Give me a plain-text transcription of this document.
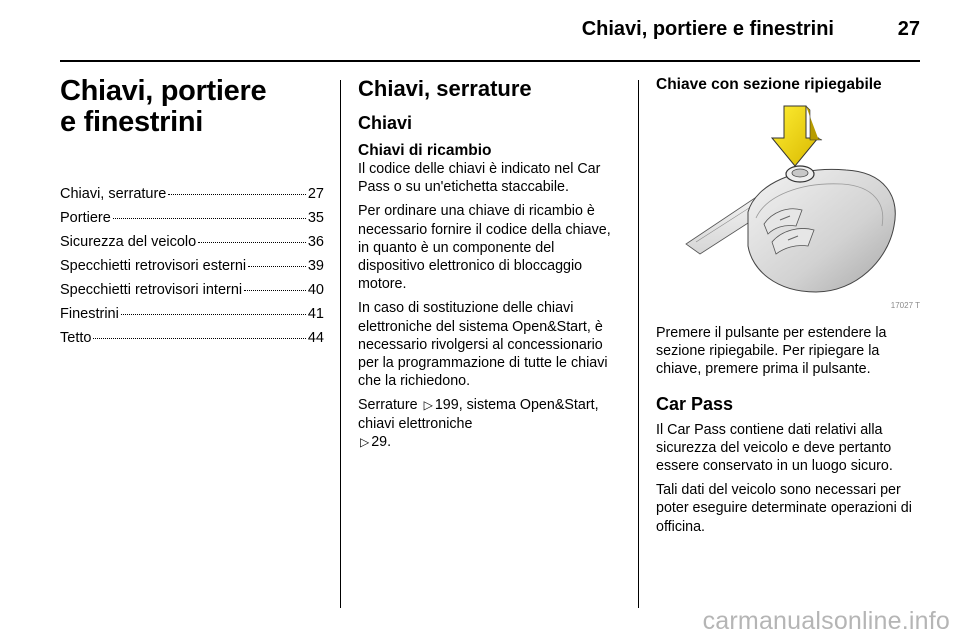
Chiavi, portiere e finestrini	27
Chiavi, portiere
e finestrini
Chiavi, serrature	27
Portiere	35
Sicurezza del veicolo	36
Specchietti retrovisori esterni	39
Specchietti retrovisori interni	40
Finestrini	41
Tetto	44
Chiavi, serrature
Chiavi
Chiavi di ricambio

Il codice delle chiavi è indicato nel Car Pass o su un'etichetta staccabile.

Per ordinare una chiave di ricambio è necessario fornire il codice della chiave, in quanto è un componente del dispositivo elettronico di bloccaggio motore.

In caso di sostituzione delle chiavi elettroniche del sistema Open&Start, è necessario rivolgersi al concessionario per la programmazione di tutte le chiavi che la richiedono.

Serrature ▷ 199, sistema Open&Start, chiavi elettroniche
▷ 29.

Chiave con sezione ripiegabile
17027 T

Premere il pulsante per estendere la sezione ripiegabile. Per ripiegare la chiave, premere prima il pulsante.

Car Pass

Il Car Pass contiene dati relativi alla sicurezza del veicolo e deve pertanto essere conservato in un luogo sicuro.

Tali dati del veicolo sono necessari per poter eseguire determinate operazioni di officina.

carmanualsonline.info
